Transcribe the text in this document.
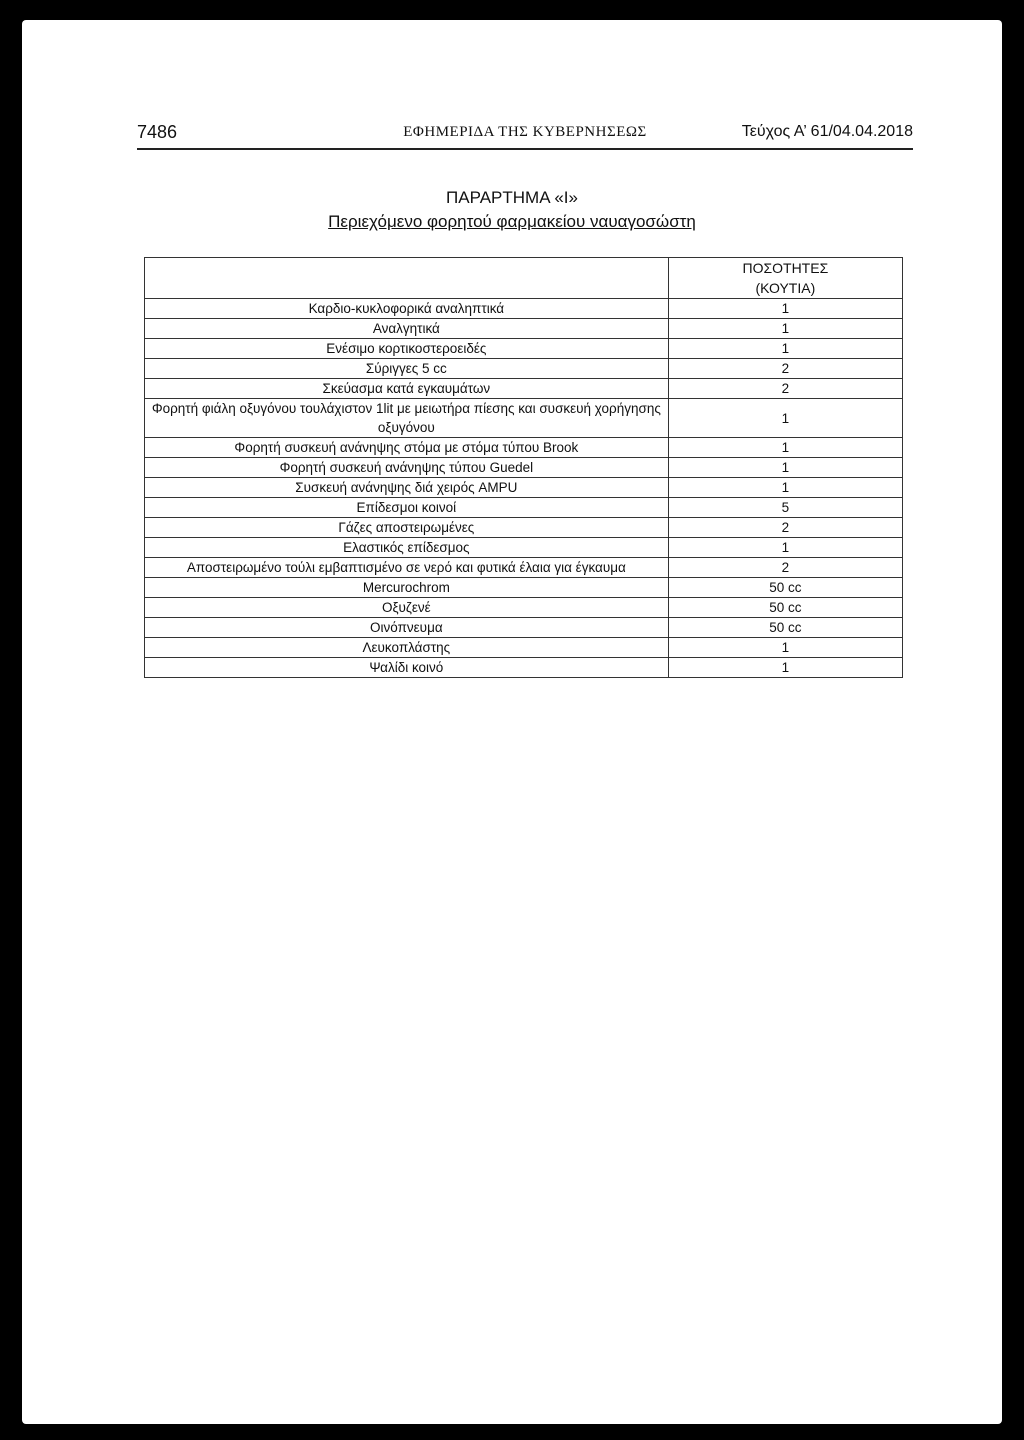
7486	ΕΦΗΜΕΡΙΔΑ ΤΗΣ ΚΥΒΕΡΝΗΣΕΩΣ	Τεύχος Α’ 61/04.04.2018
ΠΑΡΑΡΤΗΜΑ «Ι»
Περιεχόμενο φορητού φαρμακείου ναυαγοσώστη

	ΠΟΣΟΤΗΤΕΣ
(ΚΟΥΤΙΑ)

Καρδιο-κυκλοφορικά αναληπτικά	1
Αναλγητικά	1
Ενέσιμο κορτικοστεροειδές	1
Σύριγγες 5 cc	2
Σκεύασμα κατά εγκαυμάτων	2
Φορητή φιάλη οξυγόνου τουλάχιστον 1lit με μειωτήρα πίεσης και συσκευή χορήγησης οξυγόνου	1
Φορητή συσκευή ανάνηψης στόμα με στόμα τύπου Brook	1
Φορητή συσκευή ανάνηψης τύπου Guedel	1
Συσκευή ανάνηψης διά χειρός AMPU	1
Επίδεσμοι κοινοί	5
Γάζες αποστειρωμένες	2
Ελαστικός επίδεσμος	1
Αποστειρωμένο τούλι εμβαπτισμένο σε νερό και φυτικά έλαια για έγκαυμα	2
Mercurochrom	50 cc
Οξυζενέ	50 cc
Οινόπνευμα	50 cc
Λευκοπλάστης	1
Ψαλίδι κοινό	1
